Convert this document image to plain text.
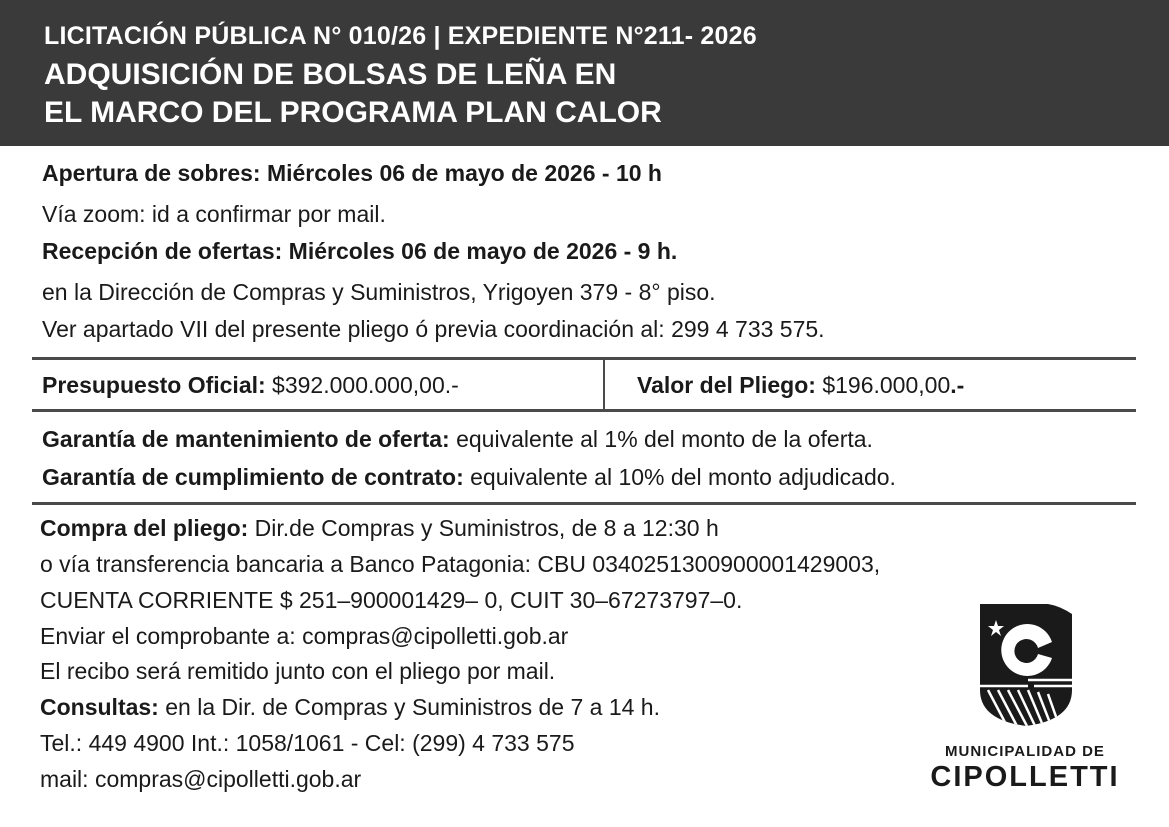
LICITACIÓN PÚBLICA N° 010/26 | EXPEDIENTE N°211- 2026
ADQUISICIÓN DE BOLSAS DE LEÑA EN
EL MARCO DEL PROGRAMA PLAN CALOR
Apertura de sobres: Miércoles 06 de mayo de 2026 - 10 h
Vía zoom: id a confirmar por mail.
Recepción de ofertas: Miércoles 06 de mayo de 2026 - 9 h.
en la Dirección de Compras y Suministros, Yrigoyen 379 - 8° piso.
Ver apartado VII del presente pliego ó previa coordinación al: 299 4 733 575.
Presupuesto Oficial: $392.000.000,00.-	Valor del Pliego: $196.000,00.-
Garantía de mantenimiento de oferta: equivalente al 1% del monto de la oferta.
Garantía de cumplimiento de contrato: equivalente al 10% del monto adjudicado.
Compra del pliego: Dir.de Compras y Suministros, de 8 a 12:30 h
o vía transferencia bancaria a Banco Patagonia: CBU 0340251300900001429003,
CUENTA CORRIENTE $ 251–900001429– 0, CUIT 30–67273797–0.
Enviar el comprobante a: compras@cipolletti.gob.ar
El recibo será remitido junto con el pliego por mail.
Consultas: en la Dir. de Compras y Suministros de 7 a 14 h.
Tel.: 449 4900 Int.: 1058/1061 - Cel: (299) 4 733 575
mail: compras@cipolletti.gob.ar
MUNICIPALIDAD DE
CIPOLLETTI
